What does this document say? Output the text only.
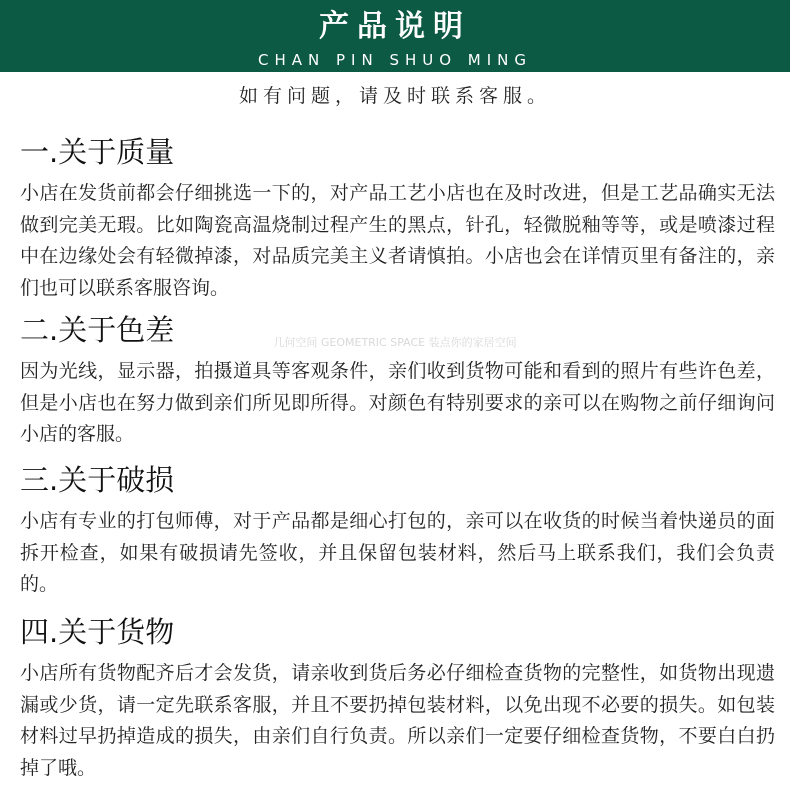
产品说明
CHAN PIN SHUO MING
如有问题，请及时联系客服。
几何空间 GEOMETRIC SPACE 装点你的家居空间
一.关于质量

小店在发货前都会仔细挑选一下的，对产品工艺小店也在及时改进，但是工艺品确实无法做到完美无瑕。比如陶瓷高温烧制过程产生的黑点，针孔，轻微脱釉等等，或是喷漆过程中在边缘处会有轻微掉漆，对品质完美主义者请慎拍。小店也会在详情页里有备注的，亲们也可以联系客服咨询。

二.关于色差

因为光线，显示器，拍摄道具等客观条件，亲们收到货物可能和看到的照片有些许色差，但是小店也在努力做到亲们所见即所得。对颜色有特别要求的亲可以在购物之前仔细询问小店的客服。

三.关于破损

小店有专业的打包师傅，对于产品都是细心打包的，亲可以在收货的时候当着快递员的面拆开检查，如果有破损请先签收，并且保留包装材料，然后马上联系我们，我们会负责的。

四.关于货物

小店所有货物配齐后才会发货，请亲收到货后务必仔细检查货物的完整性，如货物出现遗漏或少货，请一定先联系客服，并且不要扔掉包装材料，以免出现不必要的损失。如包装材料过早扔掉造成的损失，由亲们自行负责。所以亲们一定要仔细检查货物，不要白白扔掉了哦。
